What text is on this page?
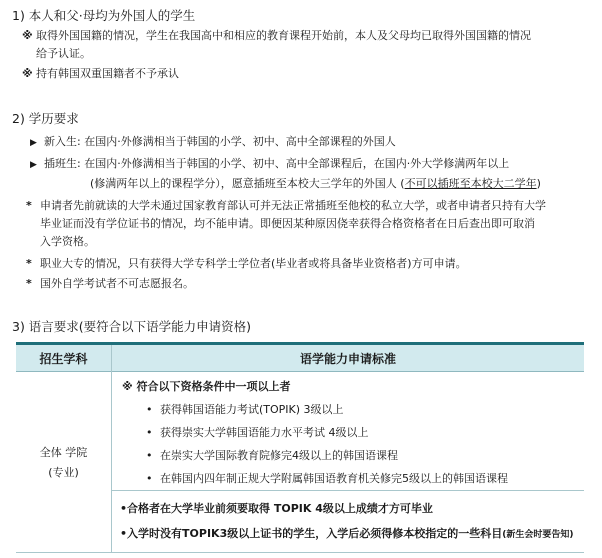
1) 本人和父·母均为外国人的学生
※ 取得外国国籍的情况，学生在我国高中和相应的教育课程开始前，本人及父母均已取得外国国籍的情况
给予认证。
※ 持有韩国双重国籍者不予承认
2) 学历要求
▶ 新入生: 在国内·外修满相当于韩国的小学、初中、高中全部课程的外国人
▶ 插班生: 在国内·外修满相当于韩国的小学、初中、高中全部课程后，在国内·外大学修满两年以上
(修满两年以上的课程学分），愿意插班至本校大三学年的外国人 (不可以插班至本校大二学年)
* 申请者先前就读的大学未通过国家教育部认可并无法正常插班至他校的私立大学，或者申请者只持有大学
毕业证而没有学位证书的情况，均不能申请。即便因某种原因侥幸获得合格资格者在日后查出即可取消
入学资格。
* 职业大专的情况，只有获得大学专科学士学位者(毕业者或将具备毕业资格者)方可申请。
* 国外自学考试者不可志愿报名。
3) 语言要求(要符合以下语学能力申请资格)
招生学科	语学能力申请标准
全体 学院
(专业)
※ 符合以下资格条件中一项以上者
• 获得韩国语能力考试(TOPIK) 3级以上
• 获得崇实大学韩国语能力水平考试 4级以上
• 在崇实大学国际教育院修完4级以上的韩国语课程
• 在韩国内四年制正规大学附属韩国语教育机关修完5级以上的韩国语课程
•合格者在大学毕业前须要取得 TOPIK 4级以上成绩才方可毕业
•入学时没有TOPIK3级以上证书的学生，入学后必须得修本校指定的一些科目(新生会时要告知)
